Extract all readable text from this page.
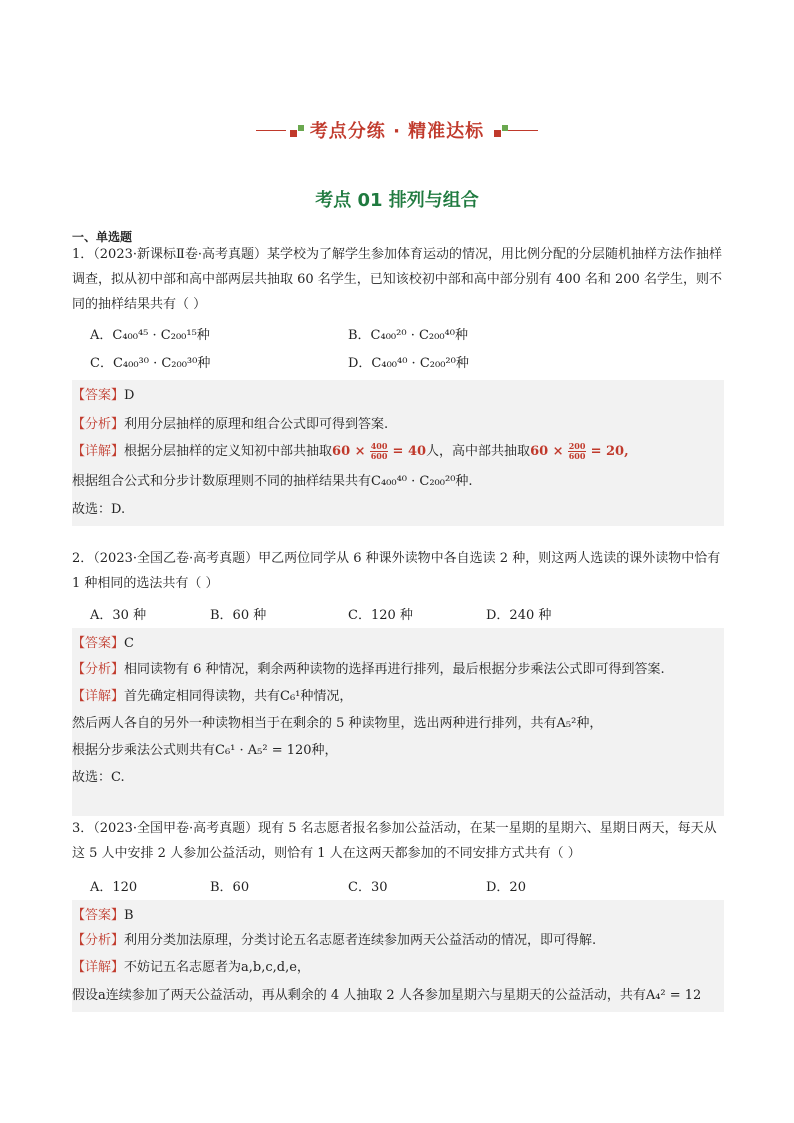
考点分练 · 精准达标
考点 01 排列与组合
一、单选题
1．（2023·新课标Ⅱ卷·高考真题）某学校为了解学生参加体育运动的情况，用比例分配的分层随机抽样方法作抽样调查，拟从初中部和高中部两层共抽取 60 名学生，已知该校初中部和高中部分别有 400 名和 200 名学生，则不同的抽样结果共有（ ）
A．C₄₀₀⁴⁵ · C₂₀₀¹⁵种	B．C₄₀₀²⁰ · C₂₀₀⁴⁰种
C．C₄₀₀³⁰ · C₂₀₀³⁰种	D．C₄₀₀⁴⁰ · C₂₀₀²⁰种
【答案】D
【分析】利用分层抽样的原理和组合公式即可得到答案.
【详解】根据分层抽样的定义知初中部共抽取$60 \times \frac{400}{600} = 40$人，高中部共抽取$60 \times \frac{200}{600} = 20$,
根据组合公式和分步计数原理则不同的抽样结果共有C₄₀₀⁴⁰ · C₂₀₀²⁰种.
故选：D.
2．（2023·全国乙卷·高考真题）甲乙两位同学从 6 种课外读物中各自选读 2 种，则这两人选读的课外读物中恰有 1 种相同的选法共有（ ）
A．30 种	B．60 种	C．120 种	D．240 种
【答案】C
【分析】相同读物有 6 种情况，剩余两种读物的选择再进行排列，最后根据分步乘法公式即可得到答案.
【详解】首先确定相同得读物，共有C₆¹种情况，
然后两人各自的另外一种读物相当于在剩余的 5 种读物里，选出两种进行排列，共有A₅²种，
根据分步乘法公式则共有C₆¹ · A₅² = 120种，
故选：C.
3．（2023·全国甲卷·高考真题）现有 5 名志愿者报名参加公益活动，在某一星期的星期六、星期日两天，每天从这 5 人中安排 2 人参加公益活动，则恰有 1 人在这两天都参加的不同安排方式共有（ ）
A．120	B．60	C．30	D．20
【答案】B
【分析】利用分类加法原理，分类讨论五名志愿者连续参加两天公益活动的情况，即可得解.
【详解】不妨记五名志愿者为a,b,c,d,e，
假设a连续参加了两天公益活动，再从剩余的 4 人抽取 2 人各参加星期六与星期天的公益活动，共有A₄² = 12
